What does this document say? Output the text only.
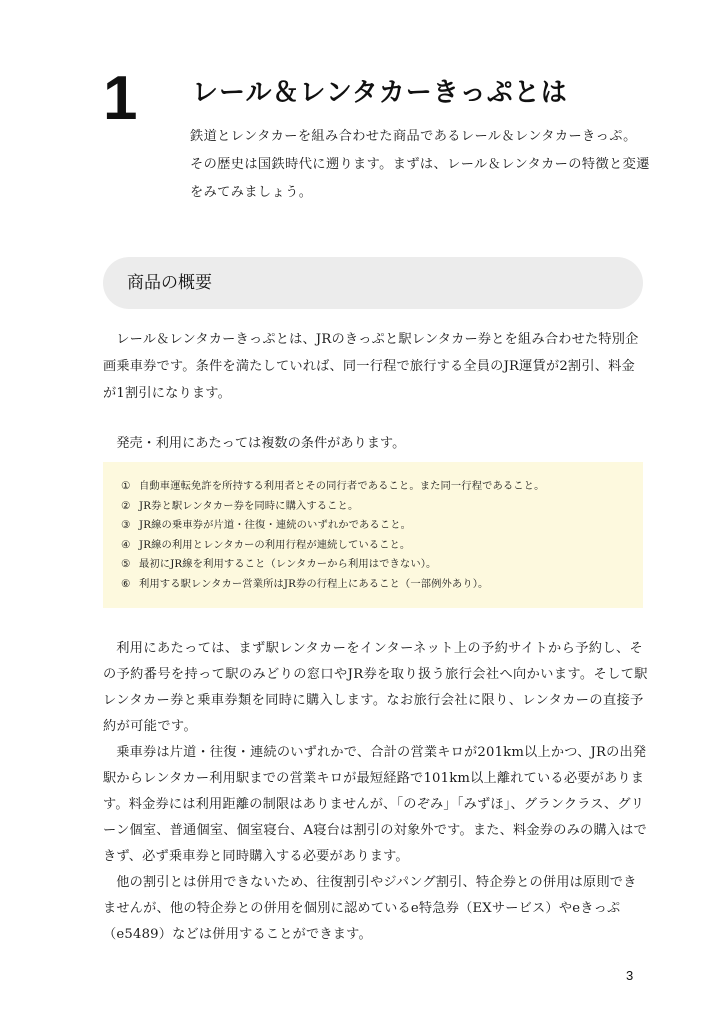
1 レール＆レンタカーきっぷとは
鉄道とレンタカーを組み合わせた商品であるレール＆レンタカーきっぷ。その歴史は国鉄時代に遡ります。まずは、レール＆レンタカーの特徴と変遷をみてみましょう。
商品の概要
レール＆レンタカーきっぷとは、JRのきっぷと駅レンタカー券とを組み合わせた特別企画乗車券です。条件を満たしていれば、同一行程で旅行する全員のJR運賃が2割引、料金が1割引になります。
発売・利用にあたっては複数の条件があります。
① 自動車運転免許を所持する利用者とその同行者であること。また同一行程であること。
② JR券と駅レンタカー券を同時に購入すること。
③ JR線の乗車券が片道・往復・連続のいずれかであること。
④ JR線の利用とレンタカーの利用行程が連続していること。
⑤ 最初にJR線を利用すること（レンタカーから利用はできない）。
⑥ 利用する駅レンタカー営業所はJR券の行程上にあること（一部例外あり）。
利用にあたっては、まず駅レンタカーをインターネット上の予約サイトから予約し、その予約番号を持って駅のみどりの窓口やJR券を取り扱う旅行会社へ向かいます。そして駅レンタカー券と乗車券類を同時に購入します。なお旅行会社に限り、レンタカーの直接予約が可能です。
乗車券は片道・往復・連続のいずれかで、合計の営業キロが201km以上かつ、JRの出発駅からレンタカー利用駅までの営業キロが最短経路で101km以上離れている必要があります。料金券には利用距離の制限はありませんが、「のぞみ」「みずほ」、グランクラス、グリーン個室、普通個室、個室寝台、A寝台は割引の対象外です。また、料金券のみの購入はできず、必ず乗車券と同時購入する必要があります。
他の割引とは併用できないため、往復割引やジパング割引、特企券との併用は原則できませんが、他の特企券との併用を個別に認めているe特急券（EXサービス）やeきっぷ（e5489）などは併用することができます。
3
